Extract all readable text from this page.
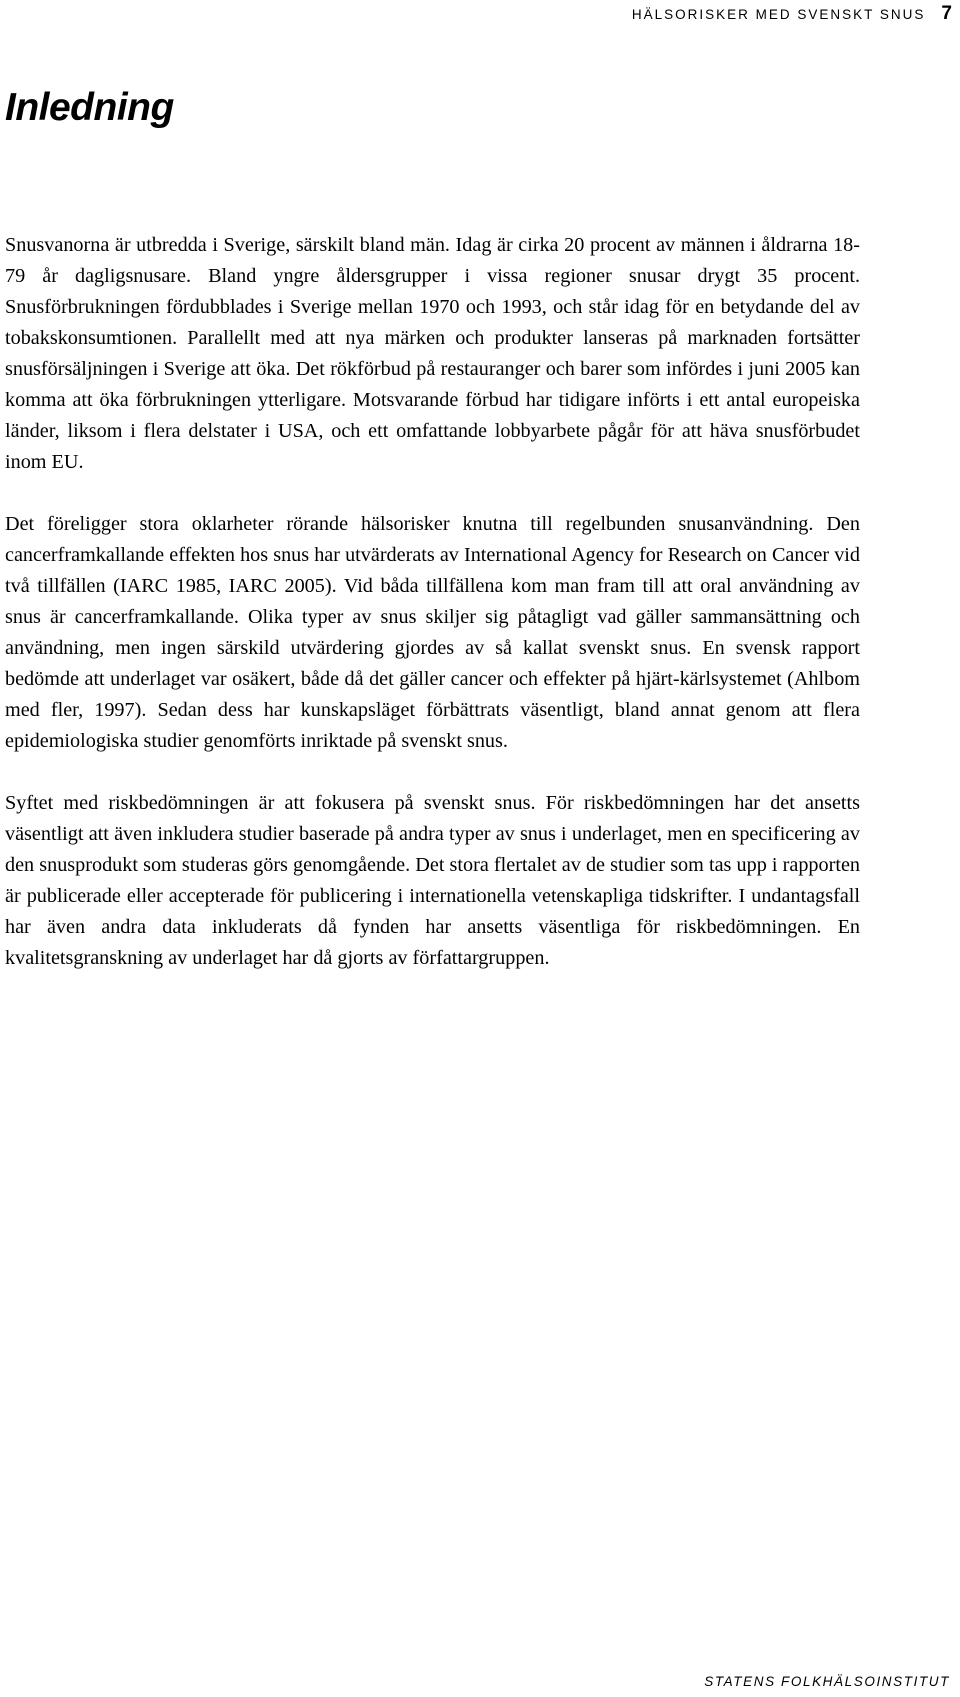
HÄLSORISKER MED SVENSKT SNUS 7
Inledning

Snusvanorna är utbredda i Sverige, särskilt bland män. Idag är cirka 20 procent av männen i åldrarna 18-79 år dagligsnusare. Bland yngre åldersgrupper i vissa regioner snusar drygt 35 procent. Snusförbrukningen fördubblades i Sverige mellan 1970 och 1993, och står idag för en betydande del av tobakskonsumtionen. Parallellt med att nya märken och produkter lanseras på marknaden fortsätter snusförsäljningen i Sverige att öka. Det rökförbud på restauranger och barer som infördes i juni 2005 kan komma att öka förbrukningen ytterligare. Motsvarande förbud har tidigare införts i ett antal europeiska länder, liksom i flera delstater i USA, och ett omfattande lobbyarbete pågår för att häva snusförbudet inom EU.

Det föreligger stora oklarheter rörande hälsorisker knutna till regelbunden snusanvändning. Den cancerframkallande effekten hos snus har utvärderats av International Agency for Research on Cancer vid två tillfällen (IARC 1985, IARC 2005). Vid båda tillfällena kom man fram till att oral användning av snus är cancerframkallande. Olika typer av snus skiljer sig påtagligt vad gäller sammansättning och användning, men ingen särskild utvärdering gjordes av så kallat svenskt snus. En svensk rapport bedömde att underlaget var osäkert, både då det gäller cancer och effekter på hjärt-kärlsystemet (Ahlbom med fler, 1997). Sedan dess har kunskapsläget förbättrats väsentligt, bland annat genom att flera epidemiologiska studier genomförts inriktade på svenskt snus.

Syftet med riskbedömningen är att fokusera på svenskt snus. För riskbedömningen har det ansetts väsentligt att även inkludera studier baserade på andra typer av snus i underlaget, men en specificering av den snusprodukt som studeras görs genomgående. Det stora flertalet av de studier som tas upp i rapporten är publicerade eller accepterade för publicering i internationella vetenskapliga tidskrifter. I undantagsfall har även andra data inkluderats då fynden har ansetts väsentliga för riskbedömningen. En kvalitetsgranskning av underlaget har då gjorts av författargruppen.

STATENS FOLKHÄLSOINSTITUT
